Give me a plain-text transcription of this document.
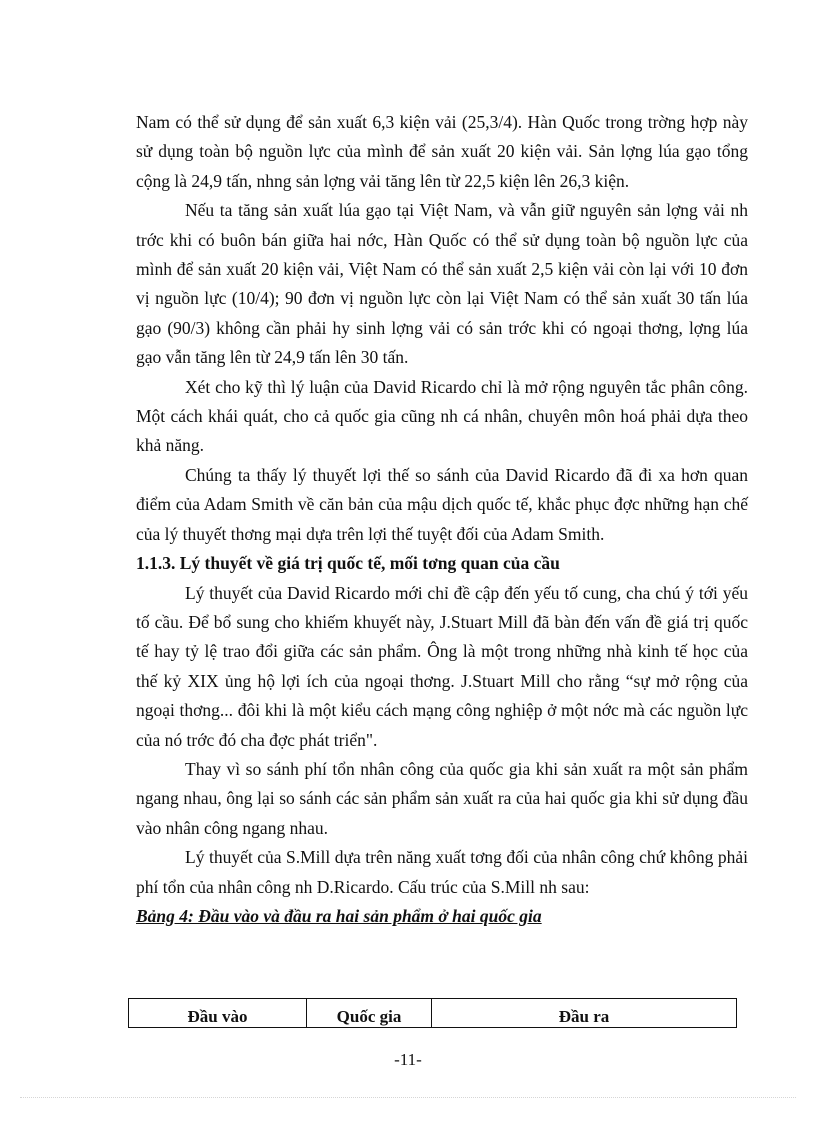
Nam có thể sử dụng để sản xuất 6,3 kiện vải (25,3/4). Hàn Quốc trong trờng hợp này sử dụng toàn bộ nguồn lực của mình để sản xuất 20 kiện vải. Sản lợng lúa gạo tổng cộng là 24,9 tấn, nhng sản lợng vải tăng lên từ 22,5 kiện lên 26,3 kiện.

Nếu ta tăng sản xuất lúa gạo tại Việt Nam, và vẫn giữ nguyên sản lợng vải nh trớc khi có buôn bán giữa hai nớc, Hàn Quốc có thể sử dụng toàn bộ nguồn lực của mình để sản xuất 20 kiện vải, Việt Nam có thể sản xuất 2,5 kiện vải còn lại với 10 đơn vị nguồn lực (10/4); 90 đơn vị nguồn lực còn lại Việt Nam có thể sản xuất 30 tấn lúa gạo (90/3) không cần phải hy sinh lợng vải có sản trớc khi có ngoại thơng, lợng lúa gạo vẫn tăng lên từ 24,9 tấn lên 30 tấn.

Xét cho kỹ thì lý luận của David Ricardo chỉ là mở rộng nguyên tắc phân công. Một cách khái quát, cho cả quốc gia cũng nh cá nhân, chuyên môn hoá phải dựa theo khả năng.

Chúng ta thấy lý thuyết lợi thế so sánh của David Ricardo đã đi xa hơn quan điểm của Adam Smith về căn bản của mậu dịch quốc tế, khắc phục đợc những hạn chế của lý thuyết thơng mại dựa trên lợi thế tuyệt đối của Adam Smith.

1.1.3. Lý thuyết về giá trị quốc tế, mối tơng quan của cầu

Lý thuyết của David Ricardo mới chỉ đề cập đến yếu tố cung, cha chú ý tới yếu tố cầu. Để bổ sung cho khiếm khuyết này, J.Stuart Mill đã bàn đến vấn đề giá trị quốc tế hay tỷ lệ trao đổi giữa các sản phẩm. Ông là một trong những nhà kinh tế học của thế kỷ XIX ủng hộ lợi ích của ngoại thơng. J.Stuart Mill cho rằng “sự mở rộng của ngoại thơng... đôi khi là một kiểu cách mạng công nghiệp ở một nớc mà các nguồn lực của nó trớc đó cha đợc phát triển".

Thay vì so sánh phí tổn nhân công của quốc gia khi sản xuất ra một sản phẩm ngang nhau, ông lại so sánh các sản phẩm sản xuất ra của hai quốc gia khi sử dụng đầu vào nhân công ngang nhau.

Lý thuyết của S.Mill dựa trên năng xuất tơng đối của nhân công chứ không phải phí tổn của nhân công nh D.Ricardo. Cấu trúc của S.Mill nh sau:

Bảng 4: Đầu vào và đầu ra hai sản phẩm ở hai quốc gia
Đầu vào	Quốc gia	Đầu ra
-11-
